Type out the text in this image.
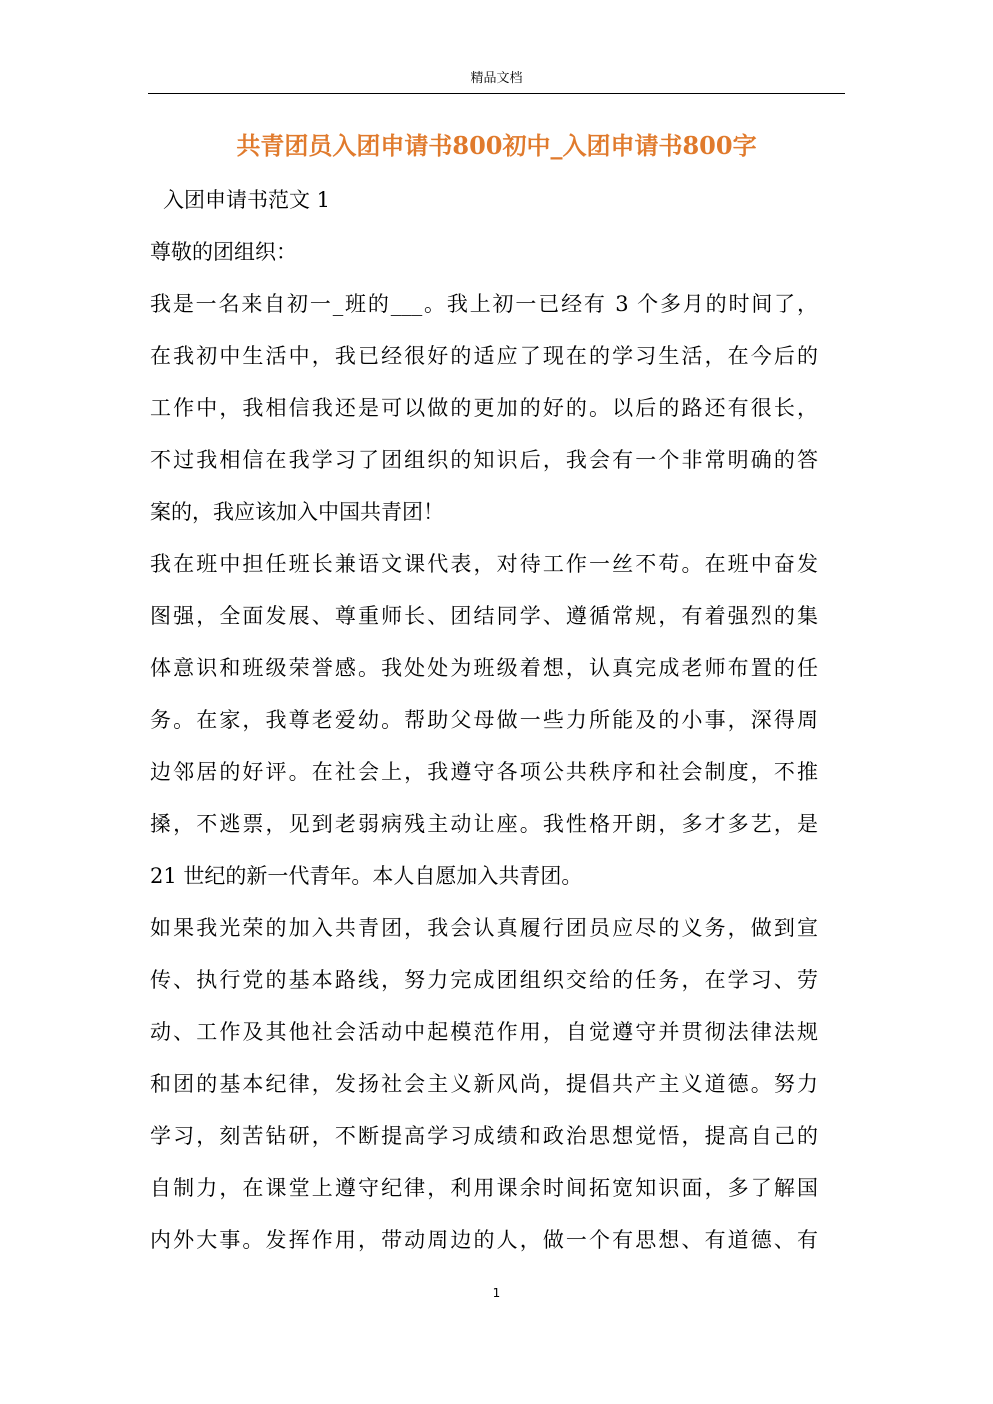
精品文档
共青团员入团申请书800初中_入团申请书800字
入团申请书范文 1
尊敬的团组织：
我是一名来自初一_班的___。我上初一已经有 3 个多月的时间了，
在我初中生活中，我已经很好的适应了现在的学习生活，在今后的
工作中，我相信我还是可以做的更加的好的。以后的路还有很长，
不过我相信在我学习了团组织的知识后，我会有一个非常明确的答
案的，我应该加入中国共青团！
我在班中担任班长兼语文课代表，对待工作一丝不苟。在班中奋发
图强，全面发展、尊重师长、团结同学、遵循常规，有着强烈的集
体意识和班级荣誉感。我处处为班级着想，认真完成老师布置的任
务。在家，我尊老爱幼。帮助父母做一些力所能及的小事，深得周
边邻居的好评。在社会上，我遵守各项公共秩序和社会制度，不推
搡，不逃票，见到老弱病残主动让座。我性格开朗，多才多艺，是
21 世纪的新一代青年。本人自愿加入共青团。
如果我光荣的加入共青团，我会认真履行团员应尽的义务，做到宣
传、执行党的基本路线，努力完成团组织交给的任务，在学习、劳
动、工作及其他社会活动中起模范作用，自觉遵守并贯彻法律法规
和团的基本纪律，发扬社会主义新风尚，提倡共产主义道德。努力
学习，刻苦钻研，不断提高学习成绩和政治思想觉悟，提高自己的
自制力，在课堂上遵守纪律，利用课余时间拓宽知识面，多了解国
内外大事。发挥作用，带动周边的人，做一个有思想、有道德、有
1
